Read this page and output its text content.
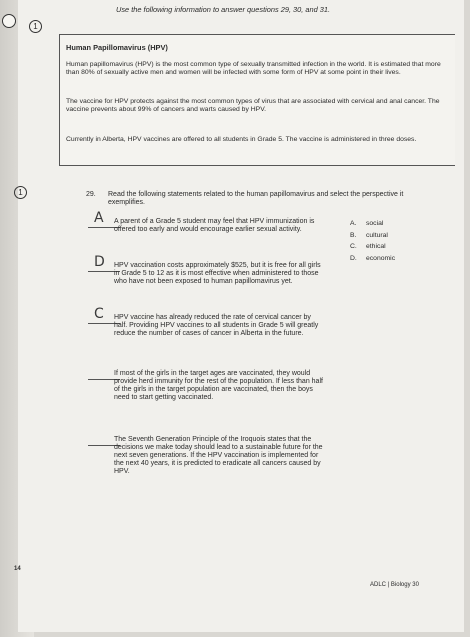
1
1
Use the following information to answer questions 29, 30, and 31.
Human Papillomavirus (HPV)

Human papillomavirus (HPV) is the most common type of sexually transmitted infection in the world. It is estimated that more than 80% of sexually active men and women will be infected with some form of HPV at some point in their lives.

The vaccine for HPV protects against the most common types of virus that are associated with cervical and anal cancer. The vaccine prevents about 99% of cancers and warts caused by HPV.

Currently in Alberta, HPV vaccines are offered to all students in Grade 5. The vaccine is administered in three doses.

29. Read the following statements related to the human papillomavirus and select the perspective it exemplifies.
A A parent of a Grade 5 student may feel that HPV immunization is offered too early and would encourage earlier sexual activity.
D HPV vaccination costs approximately $525, but it is free for all girls in Grade 5 to 12 as it is most effective when administered to those who have not been exposed to human papillomavirus yet.
C HPV vaccine has already reduced the rate of cervical cancer by half. Providing HPV vaccines to all students in Grade 5 will greatly reduce the number of cases of cancer in Alberta in the future.
If most of the girls in the target ages are vaccinated, they would provide herd immunity for the rest of the population. If less than half of the girls in the target population are vaccinated, then the boys need to start getting vaccinated.
The Seventh Generation Principle of the Iroquois states that the decisions we make today should lead to a sustainable future for the next seven generations. If the HPV vaccination is implemented for the next 40 years, it is predicted to eradicate all cancers caused by HPV.
A. social
B. cultural
C. ethical
D. economic
14
ADLC | Biology 30
